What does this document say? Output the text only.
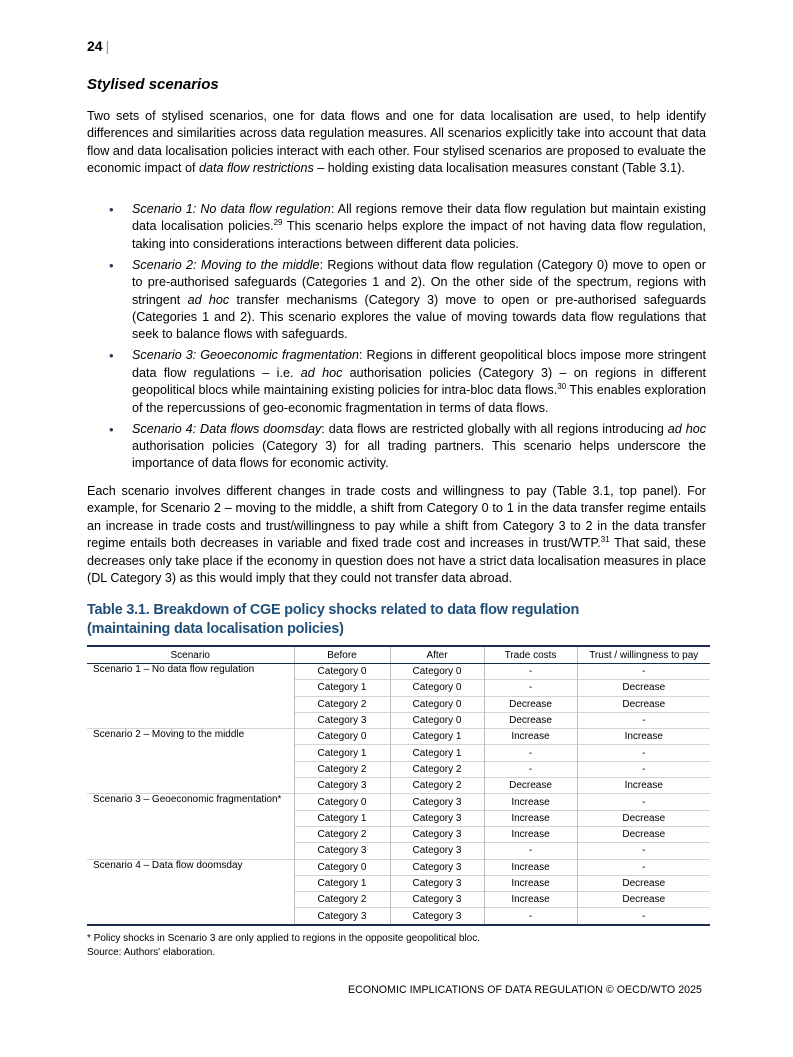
24 |
Stylised scenarios

Two sets of stylised scenarios, one for data flows and one for data localisation are used, to help identify differences and similarities across data regulation measures. All scenarios explicitly take into account that data flow and data localisation policies interact with each other. Four stylised scenarios are proposed to evaluate the economic impact of data flow restrictions – holding existing data localisation measures constant (Table 3.1).

• Scenario 1: No data flow regulation: All regions remove their data flow regulation but maintain existing data localisation policies.$^{29}$ This scenario helps explore the impact of not having data flow regulation, taking into considerations interactions between different data policies.
• Scenario 2: Moving to the middle: Regions without data flow regulation (Category 0) move to open or to pre-authorised safeguards (Categories 1 and 2). On the other side of the spectrum, regions with stringent ad hoc transfer mechanisms (Category 3) move to open or pre-authorised safeguards (Categories 1 and 2). This scenario explores the value of moving towards data flow regulations that seek to balance flows with safeguards.
• Scenario 3: Geoeconomic fragmentation: Regions in different geopolitical blocs impose more stringent data flow regulations – i.e. ad hoc authorisation policies (Category 3) – on regions in different geopolitical blocs while maintaining existing policies for intra-bloc data flows.$^{30}$ This enables exploration of the repercussions of geo-economic fragmentation in terms of data flows.
• Scenario 4: Data flows doomsday: data flows are restricted globally with all regions introducing ad hoc authorisation policies (Category 3) for all trading partners. This scenario helps underscore the importance of data flows for economic activity.

Each scenario involves different changes in trade costs and willingness to pay (Table 3.1, top panel). For example, for Scenario 2 – moving to the middle, a shift from Category 0 to 1 in the data transfer regime entails an increase in trade costs and trust/willingness to pay while a shift from Category 3 to 2 in the data transfer regime entails both decreases in variable and fixed trade cost and increases in trust/WTP.$^{31}$ That said, these decreases only take place if the economy in question does not have a strict data localisation measures in place (DL Category 3) as this would imply that they could not transfer data abroad.

Table 3.1. Breakdown of CGE policy shocks related to data flow regulation
(maintaining data localisation policies)
Scenario	Before	After	Trade costs	Trust / willingness to pay
Scenario 1 – No data flow regulation	Category 0	Category 0	-	-
	Category 1	Category 0	-	Decrease
	Category 2	Category 0	Decrease	Decrease
	Category 3	Category 0	Decrease	-
Scenario 2 – Moving to the middle	Category 0	Category 1	Increase	Increase
	Category 1	Category 1	-	-
	Category 2	Category 2	-	-
	Category 3	Category 2	Decrease	Increase
Scenario 3 – Geoeconomic fragmentation*	Category 0	Category 3	Increase	-
	Category 1	Category 3	Increase	Decrease
	Category 2	Category 3	Increase	Decrease
	Category 3	Category 3	-	-
Scenario 4 – Data flow doomsday	Category 0	Category 3	Increase	-
	Category 1	Category 3	Increase	Decrease
	Category 2	Category 3	Increase	Decrease
	Category 3	Category 3	-	-
* Policy shocks in Scenario 3 are only applied to regions in the opposite geopolitical bloc.
Source: Authors' elaboration.
ECONOMIC IMPLICATIONS OF DATA REGULATION © OECD/WTO 2025
